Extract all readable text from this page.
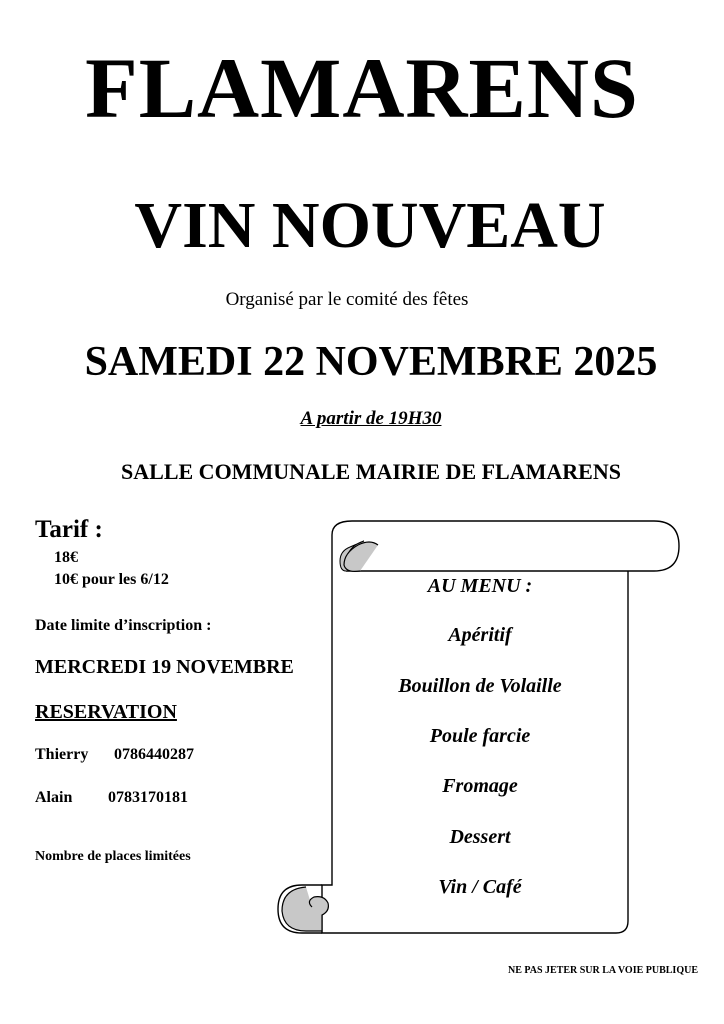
FLAMARENS
VIN NOUVEAU
Organisé par le comité des fêtes
SAMEDI 22 NOVEMBRE 2025
A partir de 19H30
SALLE COMMUNALE MAIRIE DE FLAMARENS
Tarif :
18€
10€ pour les 6/12
Date limite d’inscription :
MERCREDI 19 NOVEMBRE
RESERVATION
Thierry 0786440287
Alain 0783170181
Nombre de places limitées
AU MENU :
Apéritif
Bouillon de Volaille
Poule farcie
Fromage
Dessert
Vin / Café
NE PAS JETER SUR LA VOIE PUBLIQUE
